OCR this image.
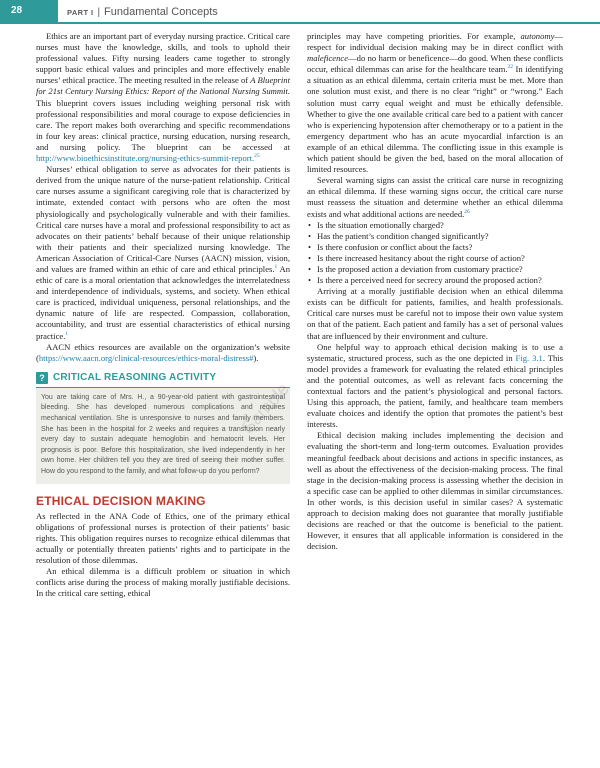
28	PART I | Fundamental Concepts

Ethics are an important part of everyday nursing practice. Critical care nurses must have the knowledge, skills, and tools to uphold their professional values. Fifty nursing leaders came together to strongly support basic ethical values and principles and more effectively enable nurses’ ethical practice. The meeting resulted in the release of A Blueprint for 21st Century Nursing Ethics: Report of the National Nursing Summit. This blueprint covers issues including weighing personal risk with professional responsibilities and moral courage to expose deficiencies in care. The report makes both overarching and specific recommendations in four key areas: clinical practice, nursing education, nursing research, and nursing policy. The blueprint can be accessed at http://www.bioethicsinstitute.org/nursing-ethics-summit-report.$^{25}$

Nurses’ ethical obligation to serve as advocates for their patients is derived from the unique nature of the nurse-patient relationship. Critical care nurses assume a significant caregiving role that is characterized by intimate, extended contact with persons who are often the most physiologically and psychologically vulnerable and with their families. Critical care nurses have a moral and professional responsibility to act as advocates on their patients’ behalf because of their unique relationship with their patients and their specialized nursing knowledge. The American Association of Critical-Care Nurses (AACN) mission, vision, and values are framed within an ethic of care and ethical principles.$^1$ An ethic of care is a moral orientation that acknowledges the interrelatedness and interdependence of individuals, systems, and society. When ethical care is practiced, individual uniqueness, personal relationships, and the dynamic nature of life are respected. Compassion, collaboration, accountability, and trust are essential characteristics of ethical nursing practice.$^1$

AACN ethics resources are available on the organization’s website (https://www.aacn.org/clinical-resources/ethics-moral-distress#).

? CRITICAL REASONING ACTIVITY
You are taking care of Mrs. H., a 90-year-old patient with gastrointestinal bleeding. She has developed numerous complications and requires mechanical ventilation. She is unresponsive to nurses and family members. She has been in the hospital for 2 weeks and requires a transfusion nearly every day to sustain adequate hemoglobin and hematocrit levels. Her prognosis is poor. Before this hospitalization, she lived independently in her own home. Her children tell you they are tired of seeing their mother suffer. How do you respond to the family, and what follow-up do you perform?
ETHICAL DECISION MAKING

As reflected in the ANA Code of Ethics, one of the primary ethical obligations of professional nurses is protection of their patients’ basic rights. This obligation requires nurses to recognize ethical dilemmas that actually or potentially threaten patients’ rights and to participate in the resolution of those dilemmas.

An ethical dilemma is a difficult problem or situation in which conflicts arise during the process of making morally justifiable decisions. In the critical care setting, ethical

principles may have competing priorities. For example, autonomy—respect for individual decision making may be in direct conflict with maleficence—do no harm or beneficence—do good. When these conflicts occur, ethical dilemmas can arise for the healthcare team.$^{22}$ In identifying a situation as an ethical dilemma, certain criteria must be met. More than one solution must exist, and there is no clear “right” or “wrong.” Each solution must carry equal weight and must be ethically defensible. Whether to give the one available critical care bed to a patient with cancer who is experiencing hypotension after chemotherapy or to a patient in the emergency department who has an acute myocardial infarction is an example of an ethical dilemma. The conflicting issue in this example is which patient should be given the bed, based on the moral allocation of limited resources.

Several warning signs can assist the critical care nurse in recognizing an ethical dilemma. If these warning signs occur, the critical care nurse must reassess the situation and determine whether an ethical dilemma exists and what additional actions are needed.$^{26}$

• Is the situation emotionally charged?
• Has the patient’s condition changed significantly?
• Is there confusion or conflict about the facts?
• Is there increased hesitancy about the right course of action?
• Is the proposed action a deviation from customary practice?
• Is there a perceived need for secrecy around the proposed action?

Arriving at a morally justifiable decision when an ethical dilemma exists can be difficult for patients, families, and health professionals. Critical care nurses must be careful not to impose their own value system on that of the patient. Each patient and family has a set of personal values that are influenced by their environment and culture.

One helpful way to approach ethical decision making is to use a systematic, structured process, such as the one depicted in Fig. 3.1. This model provides a framework for evaluating the related ethical principles and the potential outcomes, as well as relevant facts concerning the contextual factors and the patient’s physiological and personal factors. Using this approach, the patient, family, and healthcare team members evaluate choices and identify the option that promotes the patient’s best interests.

Ethical decision making includes implementing the decision and evaluating the short-term and long-term outcomes. Evaluation provides meaningful feedback about decisions and actions in specific instances, as well as about the effectiveness of the decision-making process. The final stage in the decision-making process is assessing whether the decision in a specific case can be applied to other dilemmas in similar circumstances. In other words, is this decision useful in similar cases? A systematic approach to decision making does not guarantee that morally justifiable decisions are reached or that the outcome is beneficial to the patient. However, it ensures that all applicable information is considered in the decision.
